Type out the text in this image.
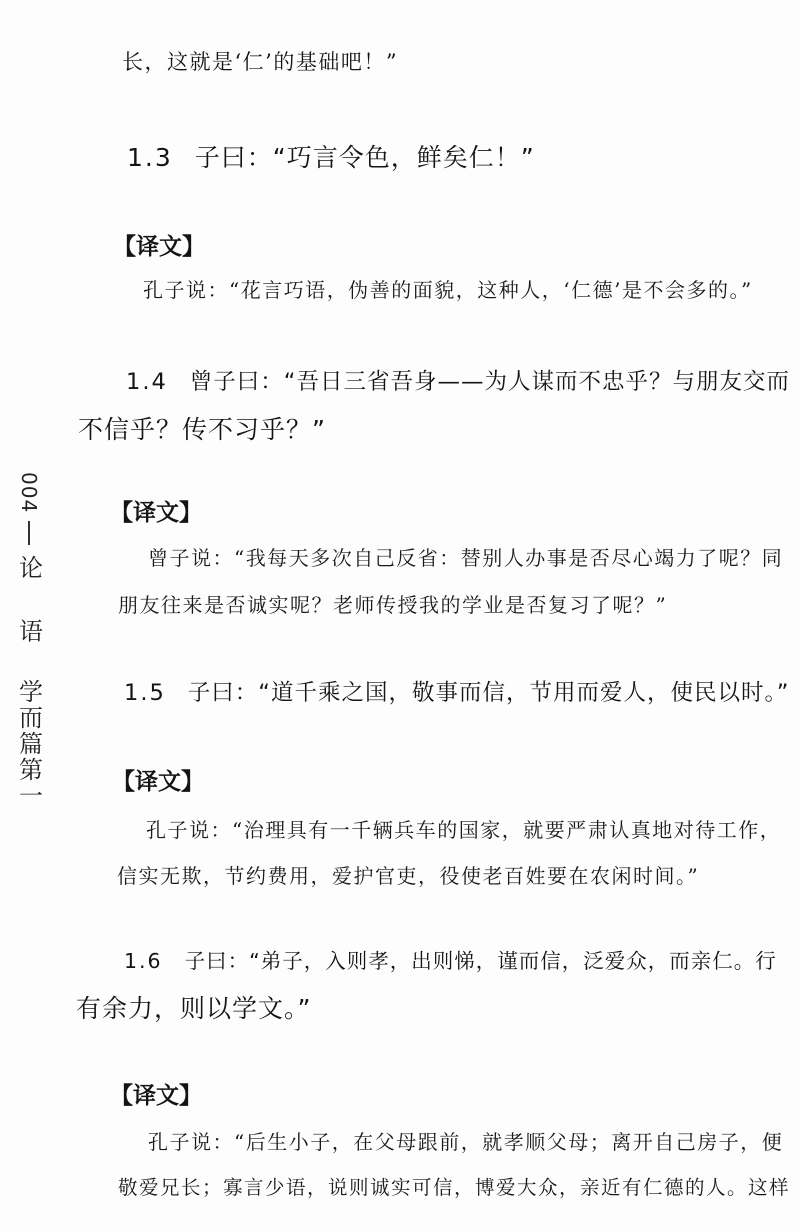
004
论 语
学而篇第一
长，这就是‘仁’的基础吧！”
1.3 子曰：“巧言令色，鲜矣仁！”
【译文】
孔子说：“花言巧语，伪善的面貌，这种人，‘仁德’是不会多的。”
1.4 曾子曰：“吾日三省吾身——为人谋而不忠乎？与朋友交而
不信乎？传不习乎？”
【译文】
曾子说：“我每天多次自己反省：替别人办事是否尽心竭力了呢？同
朋友往来是否诚实呢？老师传授我的学业是否复习了呢？”
1.5 子曰：“道千乘之国，敬事而信，节用而爱人，使民以时。”
【译文】
孔子说：“治理具有一千辆兵车的国家，就要严肃认真地对待工作，
信实无欺，节约费用，爱护官吏，役使老百姓要在农闲时间。”
1.6 子曰：“弟子，入则孝，出则悌，谨而信，泛爱众，而亲仁。行
有余力，则以学文。”
【译文】
孔子说：“后生小子，在父母跟前，就孝顺父母；离开自己房子，便
敬爱兄长；寡言少语，说则诚实可信，博爱大众，亲近有仁德的人。这样
